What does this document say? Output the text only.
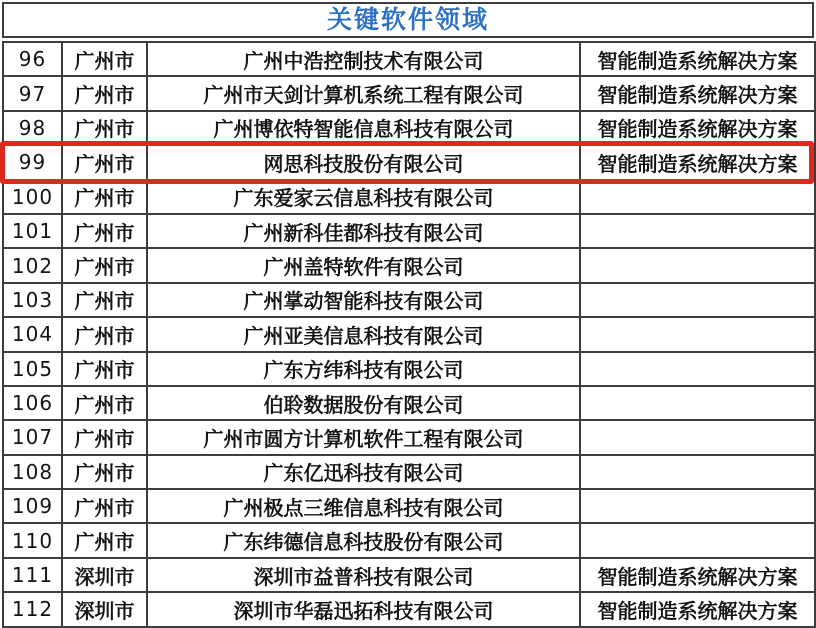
关键软件领域
96	广州市	广州中浩控制技术有限公司	智能制造系统解决方案
97	广州市	广州市天剑计算机系统工程有限公司	智能制造系统解决方案
98	广州市	广州博依特智能信息科技有限公司	智能制造系统解决方案
99	广州市	网思科技股份有限公司	智能制造系统解决方案
100	广州市	广东爱家云信息科技有限公司	
101	广州市	广州新科佳都科技有限公司	
102	广州市	广州盖特软件有限公司	
103	广州市	广州掌动智能科技有限公司	
104	广州市	广州亚美信息科技有限公司	
105	广州市	广东方纬科技有限公司	
106	广州市	伯聆数据股份有限公司	
107	广州市	广州市圆方计算机软件工程有限公司	
108	广州市	广东亿迅科技有限公司	
109	广州市	广州极点三维信息科技有限公司	
110	广州市	广东纬德信息科技股份有限公司	
111	深圳市	深圳市益普科技有限公司	智能制造系统解决方案
112	深圳市	深圳市华磊迅拓科技有限公司	智能制造系统解决方案
